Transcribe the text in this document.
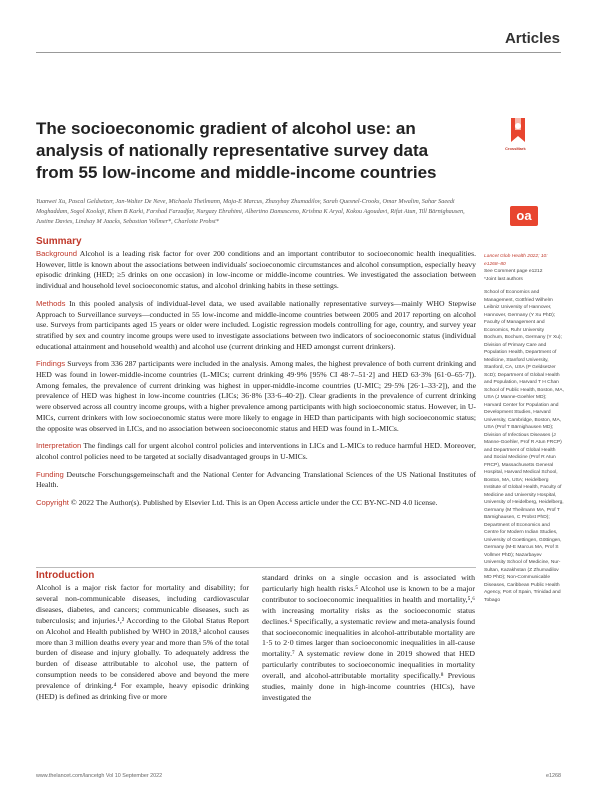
Articles
The socioeconomic gradient of alcohol use: an analysis of nationally representative survey data from 55 low-income and middle-income countries
CrossMark
oa

Yuanwei Xu, Pascal Geldsetzer, Jan-Walter De Neve, Michaela Theilmann, Maja-E Marcus, Zhaxybay Zhumadilov, Sarah Quesnel-Crooks, Omar Mwalim, Sahar Saeedi Moghaddam, Sogol Koolaji, Khem B Karki, Farshad Farzadfar, Nurgazy Ebrahimi, Albertino Damasceno, Krishna K Aryal, Kokou Agoudavi, Rifat Atun, Till Bärnighausen, Justine Davies, Lindsay M Jaacks, Sebastian Vollmer*, Charlotte Probst*

Summary

Background Alcohol is a leading risk factor for over 200 conditions and an important contributor to socioeconomic health inequalities. However, little is known about the associations between individuals' socioeconomic circumstances and alcohol consumption, especially heavy episodic drinking (HED; ≥5 drinks on one occasion) in low-income or middle-income countries. We investigated the association between individual and household level socioeconomic status, and alcohol drinking habits in these settings.

Methods In this pooled analysis of individual-level data, we used available nationally representative surveys—mainly WHO Stepwise Approach to Surveillance surveys—conducted in 55 low-income and middle-income countries between 2005 and 2017 reporting on alcohol use. Surveys from participants aged 15 years or older were included. Logistic regression models controlling for age, country, and survey year stratified by sex and country income groups were used to investigate associations between two indicators of socioeconomic status (individual educational attainment and household wealth) and alcohol use (current drinking and HED amongst current drinkers).

Findings Surveys from 336 287 participants were included in the analysis. Among males, the highest prevalence of both current drinking and HED was found in lower-middle-income countries (L-MICs; current drinking 49·9% [95% CI 48·7–51·2] and HED 63·3% [61·0–65·7]). Among females, the prevalence of current drinking was highest in upper-middle-income countries (U-MIC; 29·5% [26·1–33·2]), and the prevalence of HED was highest in low-income countries (LICs; 36·8% [33·6–40·2]). Clear gradients in the prevalence of current drinking were observed across all country income groups, with a higher prevalence among participants with high socioeconomic status. However, in U-MICs, current drinkers with low socioeconomic status were more likely to engage in HED than participants with high socioeconomic status; the opposite was observed in LICs, and no association between socioeconomic status and HED was found in L-MICs.

Interpretation The findings call for urgent alcohol control policies and interventions in LICs and L-MICs to reduce harmful HED. Moreover, alcohol control policies need to be targeted at socially disadvantaged groups in U-MICs.

Funding Deutsche Forschungsgemeinschaft and the National Center for Advancing Translational Sciences of the US National Institutes of Health.

Copyright © 2022 The Author(s). Published by Elsevier Ltd. This is an Open Access article under the CC BY-NC-ND 4.0 license.

Lancet Glob Health 2022; 10: e1268–80
See Comment page e1212
*Joint last authors
School of Economics and Management, Gottfried Wilhelm Leibniz University of Hannover, Hannover, Germany (Y Xu PhD); Faculty of Management and Economics, Ruhr University Bochum, Bochum, Germany (Y Xu); Division of Primary Care and Population Health, Department of Medicine, Stanford University, Stanford, CA, USA (P Geldsetzer ScD); Department of Global Health and Population, Harvard T H Chan School of Public Health, Boston, MA, USA (J Manne-Goehler MD); Harvard Center for Population and Development Studies, Harvard University, Cambridge, Boston, MA, USA (Prof T Bärnighausen MD); Division of Infectious Diseases (J Manne-Goehler, Prof R Atun FRCP) and Department of Global Health and Social Medicine (Prof R Atun FRCP), Massachusetts General Hospital, Harvard Medical School, Boston, MA, USA; Heidelberg Institute of Global Health, Faculty of Medicine and University Hospital, University of Heidelberg, Heidelberg, Germany (M Theilmann MA, Prof T Bärnighausen, C Probst PhD); Department of Economics and Centre for Modern Indian Studies, University of Goettingen, Göttingen, Germany (M-E Marcus MA, Prof S Vollmer PhD); Nazarbayev University School of Medicine, Nur-Sultan, Kazakhstan (Z Zhumadilov MD PhD); Non-Communicable Diseases, Caribbean Public Health Agency, Port of Spain, Trinidad and Tobago
Introduction

Alcohol is a major risk factor for mortality and disability; for several non-communicable diseases, including cardiovascular diseases, diabetes, and cancers; communicable diseases, such as tuberculosis; and injuries.¹,² According to the Global Status Report on Alcohol and Health published by WHO in 2018,³ alcohol causes more than 3 million deaths every year and more than 5% of the total burden of disease and injury globally. To adequately address the burden of disease attributable to alcohol use, the pattern of consumption needs to be considered above and beyond the mere prevalence of drinking.⁴ For example, heavy episodic drinking (HED) is defined as drinking five or more

standard drinks on a single occasion and is associated with particularly high health risks.⁵ Alcohol use is known to be a major contributor to socioeconomic inequalities in health and mortality,⁵,⁶ with increasing mortality risks as the socioeconomic status declines.⁶ Specifically, a systematic review and meta-analysis found that socioeconomic inequalities in alcohol-attributable mortality are 1·5 to 2·0 times larger than socioeconomic inequalities in all-cause mortality.⁷ A systematic review done in 2019 showed that HED particularly contributes to socioeconomic inequalities in mortality overall, and alcohol-attributable mortality specifically.⁸ Previous studies, mainly done in high-income countries (HICs), have investigated the

www.thelancet.com/lancetgh Vol 10 September 2022	e1268
